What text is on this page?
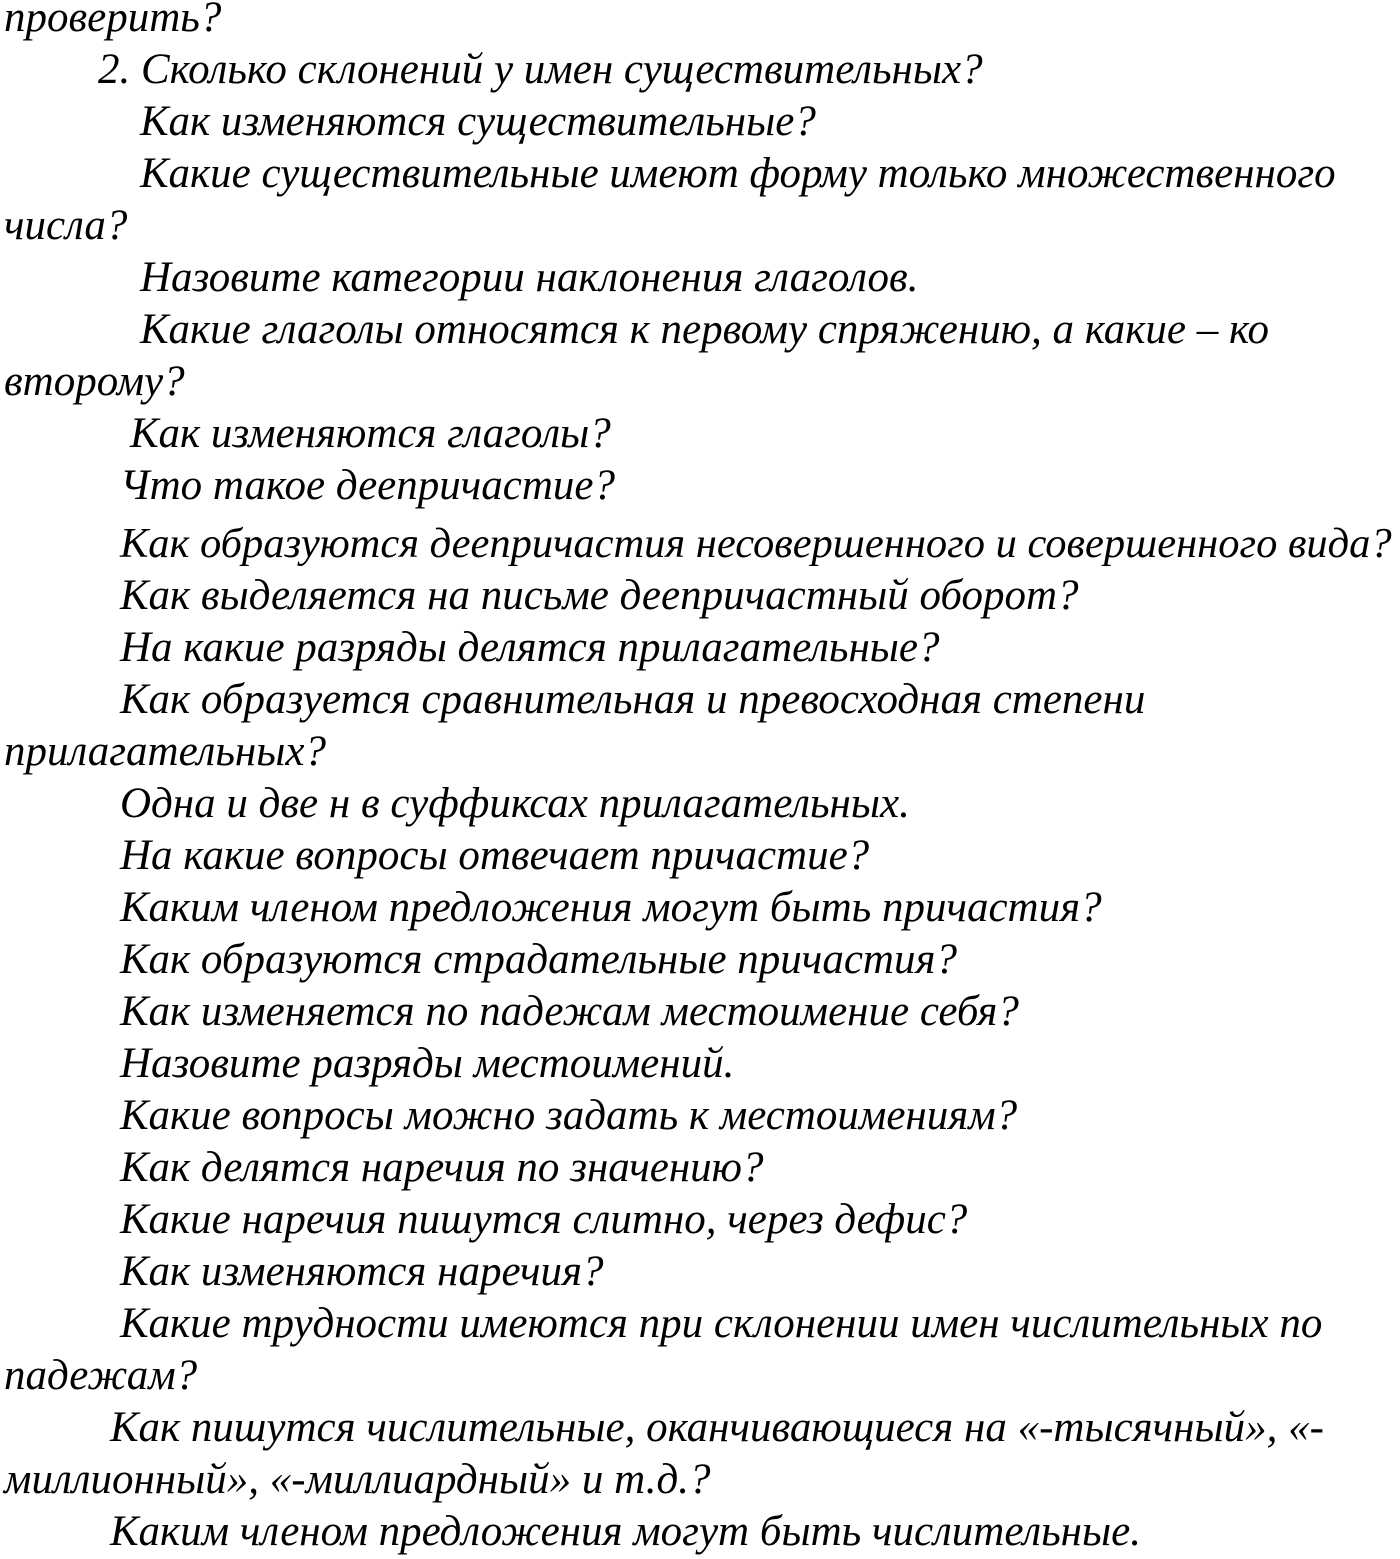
проверить?

2. Сколько склонений у имен существительных?

Как изменяются существительные?

Какие существительные имеют форму только множественного

числа?

Назовите категории наклонения глаголов.

Какие глаголы относятся к первому спряжению, а какие – ко

второму?

Как изменяются глаголы?

Что такое деепричастие?

Как образуются деепричастия несовершенного и совершенного вида?

Как выделяется на письме деепричастный оборот?

На какие разряды делятся прилагательные?

Как образуется сравнительная и превосходная степени

прилагательных?

Одна и две н в суффиксах прилагательных.

На какие вопросы отвечает причастие?

Каким членом предложения могут быть причастия?

Как образуются страдательные причастия?

Как изменяется по падежам местоимение себя?

Назовите разряды местоимений.

Какие вопросы можно задать к местоимениям?

Как делятся наречия по значению?

Какие наречия пишутся слитно, через дефис?

Как изменяются наречия?

Какие трудности имеются при склонении имен числительных по

падежам?

Как пишутся числительные, оканчивающиеся на «-тысячный», «-

миллионный», «-миллиардный» и т.д.?

Каким членом предложения могут быть числительные.
